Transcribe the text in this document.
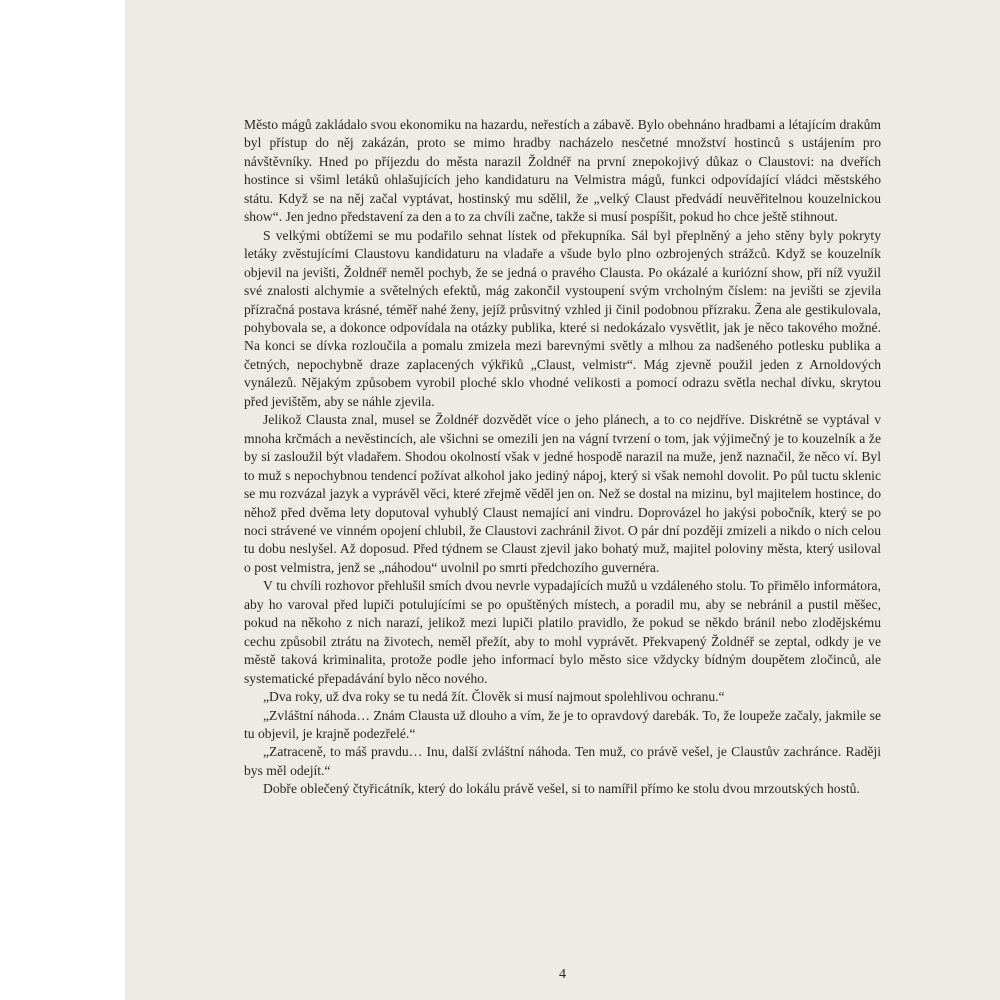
Město mágů zakládalo svou ekonomiku na hazardu, neřestích a zábavě. Bylo obehnáno hradbami a létajícím drakům byl přístup do něj zakázán, proto se mimo hradby nacházelo nesčetné množství hostinců s ustájením pro návštěvníky. Hned po příjezdu do města narazil Žoldnéř na první znepokojivý důkaz o Claustovi: na dveřích hostince si všiml letáků ohlašujících jeho kandidaturu na Velmistra mágů, funkci odpovídající vládci městského státu. Když se na něj začal vyptávat, hostinský mu sdělil, že „velký Claust předvádí neuvěřitelnou kouzelnickou show“. Jen jedno představení za den a to za chvíli začne, takže si musí pospíšit, pokud ho chce ještě stihnout.

S velkými obtížemi se mu podařilo sehnat lístek od překupníka. Sál byl přeplněný a jeho stěny byly pokryty letáky zvěstujícími Claustovu kandidaturu na vladaře a všude bylo plno ozbrojených strážců. Když se kouzelník objevil na jevišti, Žoldnéř neměl pochyb, že se jedná o pravého Clausta. Po okázalé a kuriózní show, při níž využil své znalosti alchymie a světelných efektů, mág zakončil vystoupení svým vrcholným číslem: na jevišti se zjevila přízračná postava krásné, téměř nahé ženy, jejíž průsvitný vzhled ji činil podobnou přízraku. Žena ale gestikulovala, pohybovala se, a dokonce odpovídala na otázky publika, které si nedokázalo vysvětlit, jak je něco takového možné. Na konci se dívka rozloučila a pomalu zmizela mezi barevnými světly a mlhou za nadšeného potlesku publika a četných, nepochybně draze zaplacených výkřiků „Claust, velmistr“. Mág zjevně použil jeden z Arnoldových vynálezů. Nějakým způsobem vyrobil ploché sklo vhodné velikosti a pomocí odrazu světla nechal dívku, skrytou před jevištěm, aby se náhle zjevila.

Jelikož Clausta znal, musel se Žoldnéř dozvědět více o jeho plánech, a to co nejdříve. Diskrétně se vyptával v mnoha krčmách a nevěstincích, ale všichni se omezili jen na vágní tvrzení o tom, jak výjimečný je to kouzelník a že by si zasloužil být vladařem. Shodou okolností však v jedné hospodě narazil na muže, jenž naznačil, že něco ví. Byl to muž s nepochybnou tendencí požívat alkohol jako jediný nápoj, který si však nemohl dovolit. Po půl tuctu sklenic se mu rozvázal jazyk a vyprávěl věci, které zřejmě věděl jen on. Než se dostal na mizinu, byl majitelem hostince, do něhož před dvěma lety doputoval vyhublý Claust nemající ani vindru. Doprovázel ho jakýsi pobočník, který se po noci strávené ve vinném opojení chlubil, že Claustovi zachránil život. O pár dní později zmizeli a nikdo o nich celou tu dobu neslyšel. Až doposud. Před týdnem se Claust zjevil jako bohatý muž, majitel poloviny města, který usiloval o post velmistra, jenž se „náhodou“ uvolnil po smrti předchozího guvernéra.

V tu chvíli rozhovor přehlušil smích dvou nevrle vypadajících mužů u vzdáleného stolu. To přimělo informátora, aby ho varoval před lupiči potulujícími se po opuštěných místech, a poradil mu, aby se nebránil a pustil měšec, pokud na někoho z nich narazí, jelikož mezi lupiči platilo pravidlo, že pokud se někdo bránil nebo zlodějskému cechu způsobil ztrátu na životech, neměl přežít, aby to mohl vyprávět. Překvapený Žoldnéř se zeptal, odkdy je ve městě taková kriminalita, protože podle jeho informací bylo město sice vždycky bídným doupětem zločinců, ale systematické přepadávání bylo něco nového.

„Dva roky, už dva roky se tu nedá žít. Člověk si musí najmout spolehlivou ochranu.“

„Zvláštní náhoda… Znám Clausta už dlouho a vím, že je to opravdový darebák. To, že loupeže začaly, jakmile se tu objevil, je krajně podezřelé.“

„Zatraceně, to máš pravdu… Inu, další zvláštní náhoda. Ten muž, co právě vešel, je Claustův zachránce. Raději bys měl odejít.“

Dobře oblečený čtyřicátník, který do lokálu právě vešel, si to namířil přímo ke stolu dvou mrzoutských hostů.

4
